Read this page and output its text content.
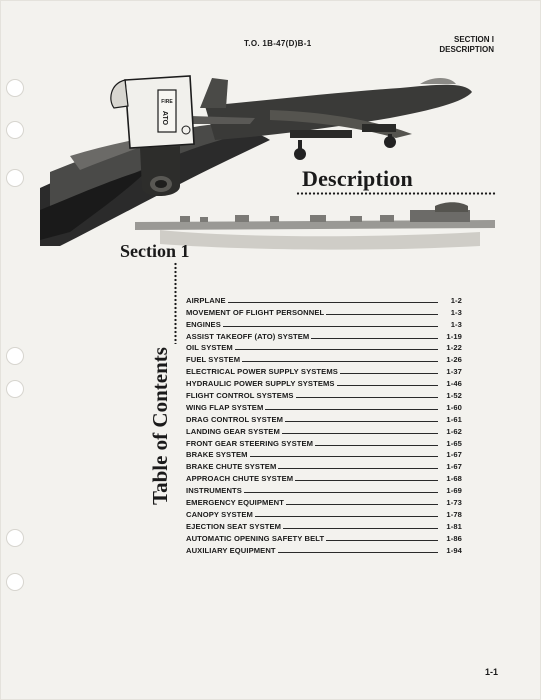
T.O. 1B-47(D)B-1	SECTION I
DESCRIPTION
FIRE
ATO
Description
Section 1
Table of Contents
AIRPLANE	1-2
MOVEMENT OF FLIGHT PERSONNEL	1-3
ENGINES	1-3
ASSIST TAKEOFF (ATO) SYSTEM	1-19
OIL SYSTEM	1-22
FUEL SYSTEM	1-26
ELECTRICAL POWER SUPPLY SYSTEMS	1-37
HYDRAULIC POWER SUPPLY SYSTEMS	1-46
FLIGHT CONTROL SYSTEMS	1-52
WING FLAP SYSTEM	1-60
DRAG CONTROL SYSTEM	1-61
LANDING GEAR SYSTEM	1-62
FRONT GEAR STEERING SYSTEM	1-65
BRAKE SYSTEM	1-67
BRAKE CHUTE SYSTEM	1-67
APPROACH CHUTE SYSTEM	1-68
INSTRUMENTS	1-69
EMERGENCY EQUIPMENT	1-73
CANOPY SYSTEM	1-78
EJECTION SEAT SYSTEM	1-81
AUTOMATIC OPENING SAFETY BELT	1-86
AUXILIARY EQUIPMENT	1-94
1-1
